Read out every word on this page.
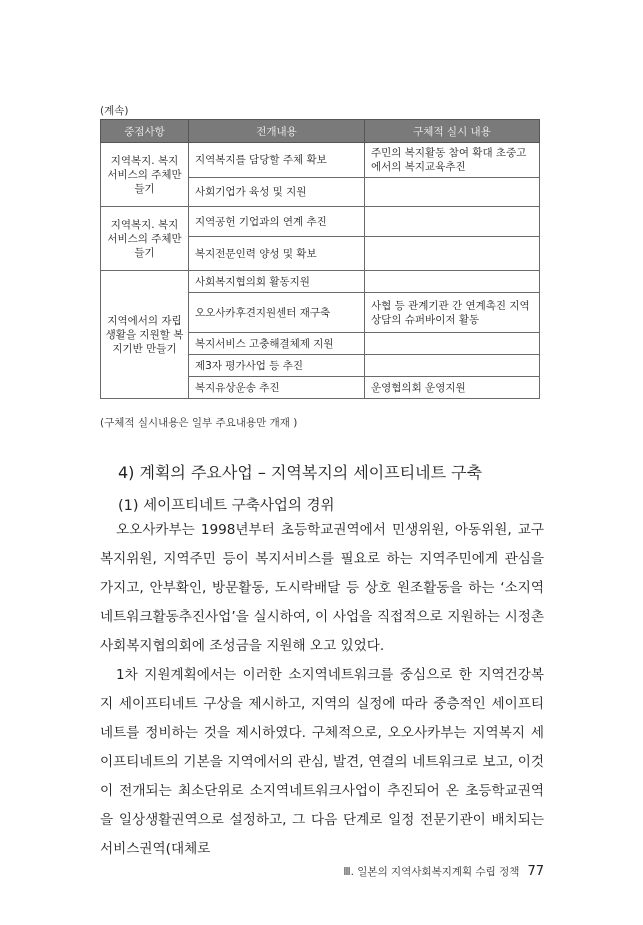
(계속)
중점사항	전개내용	구체적 실시 내용
지역복지. 복지 서비스의 주체만들기	지역복지를 담당할 주체 확보	주민의 복지활동 참여 확대 초중고에서의 복지교육추진
	사회기업가 육성 및 지원	
지역복지. 복지 서비스의 주체만들기	지역공헌 기업과의 연계 추진	
	복지전문인력 양성 및 확보	
지역에서의 자립생활을 지원할 복지기반 만들기	사회복지협의회 활동지원	
	오오사카후견지원센터 재구축	사협 등 관계기관 간 연계촉진 지역상담의 슈퍼바이저 활동
	복지서비스 고충해결체제 지원	
	제3자 평가사업 등 추진	
	복지유상운송 추진	운영협의회 운영지원
(구체적 실시내용은 일부 주요내용만 개재 )
4) 계획의 주요사업 – 지역복지의 세이프티네트 구축
(1) 세이프티네트 구축사업의 경위

오오사카부는 1998년부터 초등학교권역에서 민생위원, 아동위원, 교구복지위원, 지역주민 등이 복지서비스를 필요로 하는 지역주민에게 관심을 가지고, 안부확인, 방문활동, 도시락배달 등 상호 원조활동을 하는 ‘소지역네트워크활동추진사업’을 실시하여, 이 사업을 직접적으로 지원하는 시정촌사회복지협의회에 조성금을 지원해 오고 있었다.

1차 지원계획에서는 이러한 소지역네트워크를 중심으로 한 지역건강복지 세이프티네트 구상을 제시하고, 지역의 실정에 따라 중층적인 세이프티네트를 정비하는 것을 제시하였다. 구체적으로, 오오사카부는 지역복지 세이프티네트의 기본을 지역에서의 관심, 발견, 연결의 네트워크로 보고, 이것이 전개되는 최소단위로 소지역네트워크사업이 추진되어 온 초등학교권역을 일상생활권역으로 설정하고, 그 다음 단계로 일정 전문기관이 배치되는 서비스권역(대체로

Ⅲ. 일본의 지역사회복지계획 수립 정책 77
